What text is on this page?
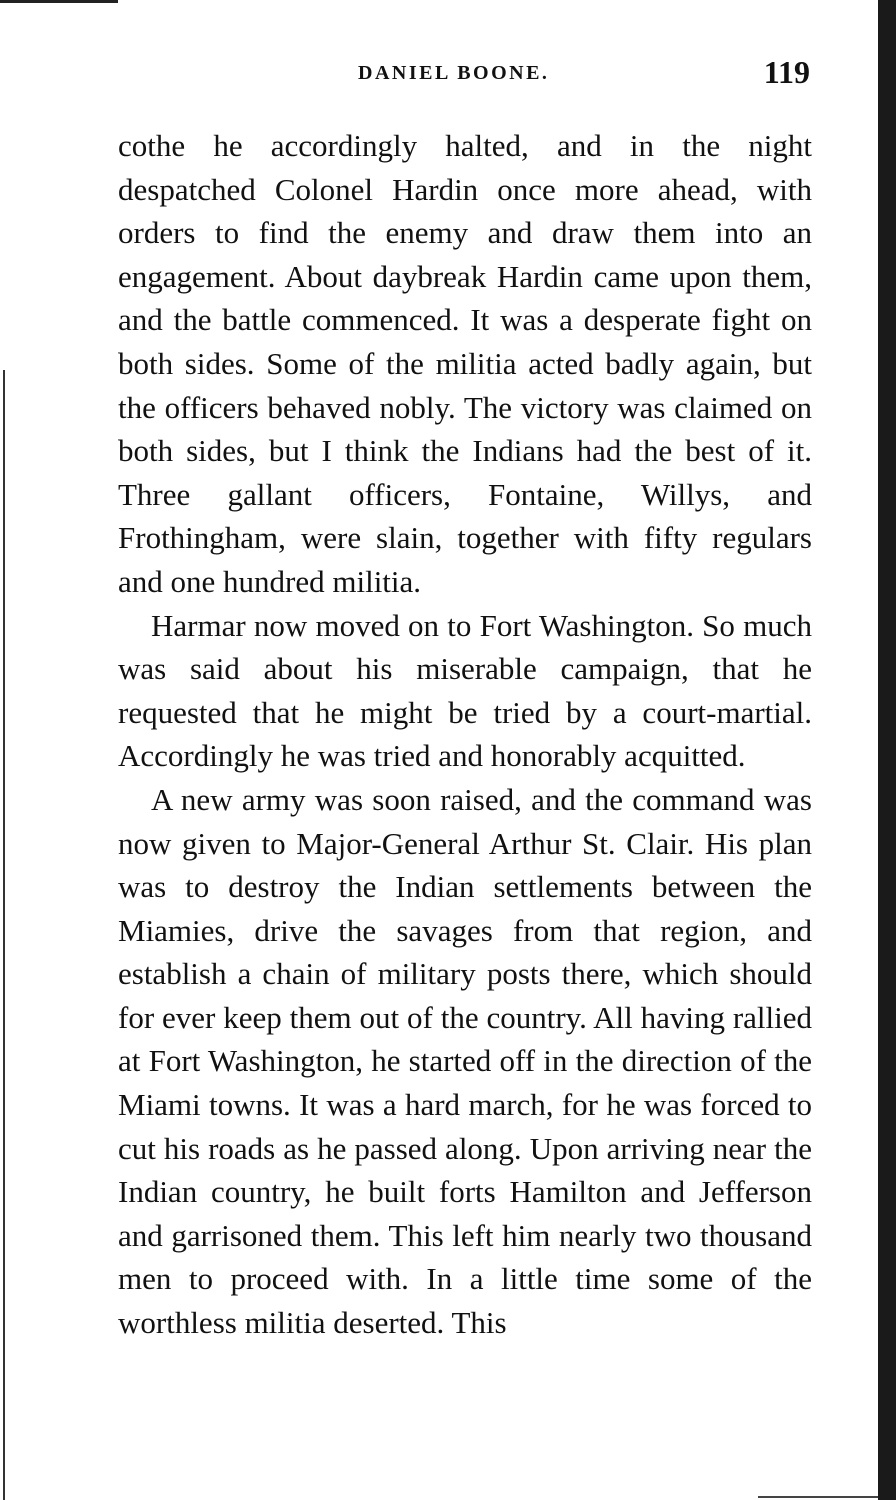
DANIEL BOONE.	119

cothe he accordingly halted, and in the night despatched Colonel Hardin once more ahead, with orders to find the enemy and draw them into an engagement. About daybreak Hardin came upon them, and the battle commenced. It was a desperate fight on both sides. Some of the militia acted badly again, but the officers behaved nobly. The victory was claimed on both sides, but I think the Indians had the best of it. Three gallant officers, Fontaine, Willys, and Frothingham, were slain, together with fifty regulars and one hundred militia.

Harmar now moved on to Fort Washington. So much was said about his miserable campaign, that he requested that he might be tried by a court-martial. Accordingly he was tried and honorably acquitted.

A new army was soon raised, and the command was now given to Major-General Arthur St. Clair. His plan was to destroy the Indian settlements between the Miamies, drive the savages from that region, and establish a chain of military posts there, which should for ever keep them out of the country. All having rallied at Fort Washington, he started off in the direction of the Miami towns. It was a hard march, for he was forced to cut his roads as he passed along. Upon arriving near the Indian country, he built forts Hamilton and Jefferson and garrisoned them. This left him nearly two thousand men to proceed with. In a little time some of the worthless militia deserted. This
